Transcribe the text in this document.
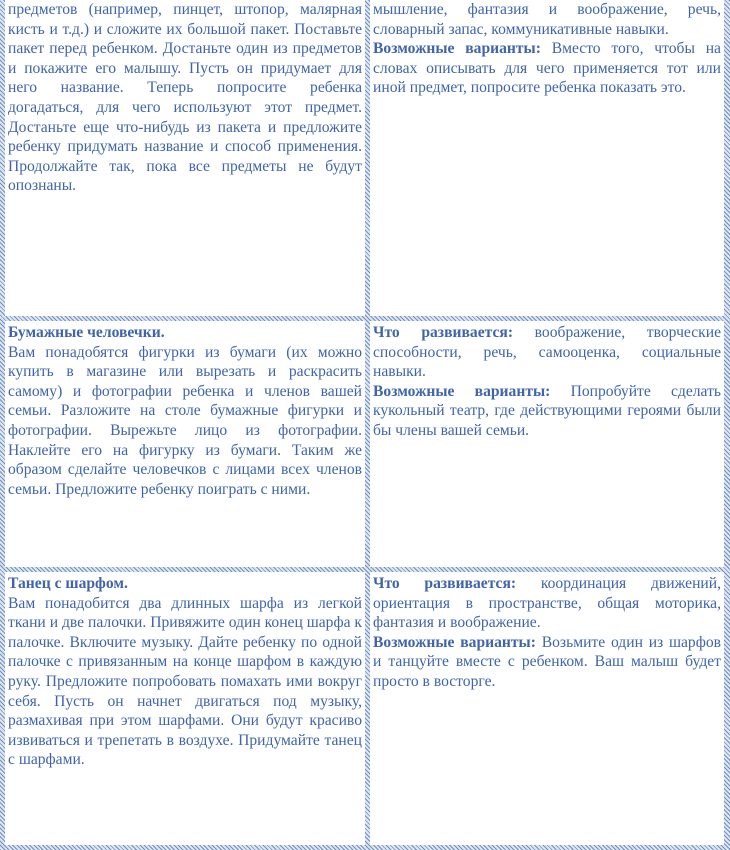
предметов (например, пинцет, штопор, малярная кисть и т.д.) и сложите их большой пакет. Поставьте пакет перед ребенком. Достаньте один из предметов и покажите его малышу. Пусть он придумает для него название. Теперь попросите ребенка догадаться, для чего используют этот предмет. Достаньте еще что-нибудь из пакета и предложите ребенку придумать название и способ применения. Продолжайте так, пока все предметы не будут опознаны.

мышление, фантазия и воображение, речь, словарный запас, коммуникативные навыки.

Возможные варианты: Вместо того, чтобы на словах описывать для чего применяется тот или иной предмет, попросите ребенка показать это.

Бумажные человечки.

Вам понадобятся фигурки из бумаги (их можно купить в магазине или вырезать и раскрасить самому) и фотографии ребенка и членов вашей семьи. Разложите на столе бумажные фигурки и фотографии. Вырежьте лицо из фотографии. Наклейте его на фигурку из бумаги. Таким же образом сделайте человечков с лицами всех членов семьи. Предложите ребенку поиграть с ними.

Что развивается: воображение, творческие способности, речь, самооценка, социальные навыки.

Возможные варианты: Попробуйте сделать кукольный театр, где действующими героями были бы члены вашей семьи.

Танец с шарфом.

Вам понадобится два длинных шарфа из легкой ткани и две палочки. Привяжите один конец шарфа к палочке. Включите музыку. Дайте ребенку по одной палочке с привязанным на конце шарфом в каждую руку. Предложите попробовать помахать ими вокруг себя. Пусть он начнет двигаться под музыку, размахивая при этом шарфами. Они будут красиво извиваться и трепетать в воздухе. Придумайте танец с шарфами.

Что развивается: координация движений, ориентация в пространстве, общая моторика, фантазия и воображение.

Возможные варианты: Возьмите один из шарфов и танцуйте вместе с ребенком. Ваш малыш будет просто в восторге.
